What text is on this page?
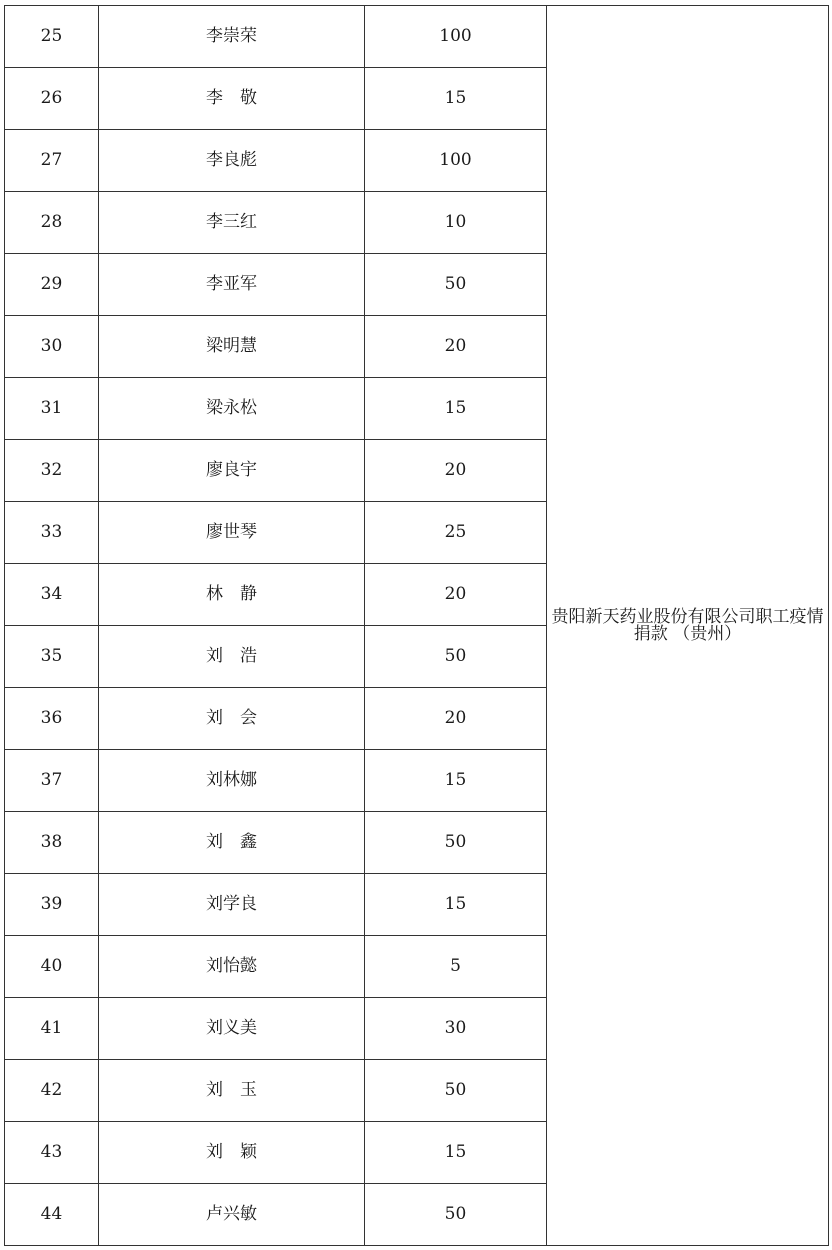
25	李崇荣	100	贵阳新天药业股份有限公司职工疫情捐款 （贵州）
26	李　敬	15	
27	李良彪	100	
28	李三红	10	
29	李亚军	50	
30	梁明慧	20	
31	梁永松	15	
32	廖良宇	20	
33	廖世琴	25	
34	林　静	20	
35	刘　浩	50	
36	刘　会	20	
37	刘林娜	15	
38	刘　鑫	50	
39	刘学良	15	
40	刘怡懿	5	
41	刘义美	30	
42	刘　玉	50	
43	刘　颖	15	
44	卢兴敏	50	
